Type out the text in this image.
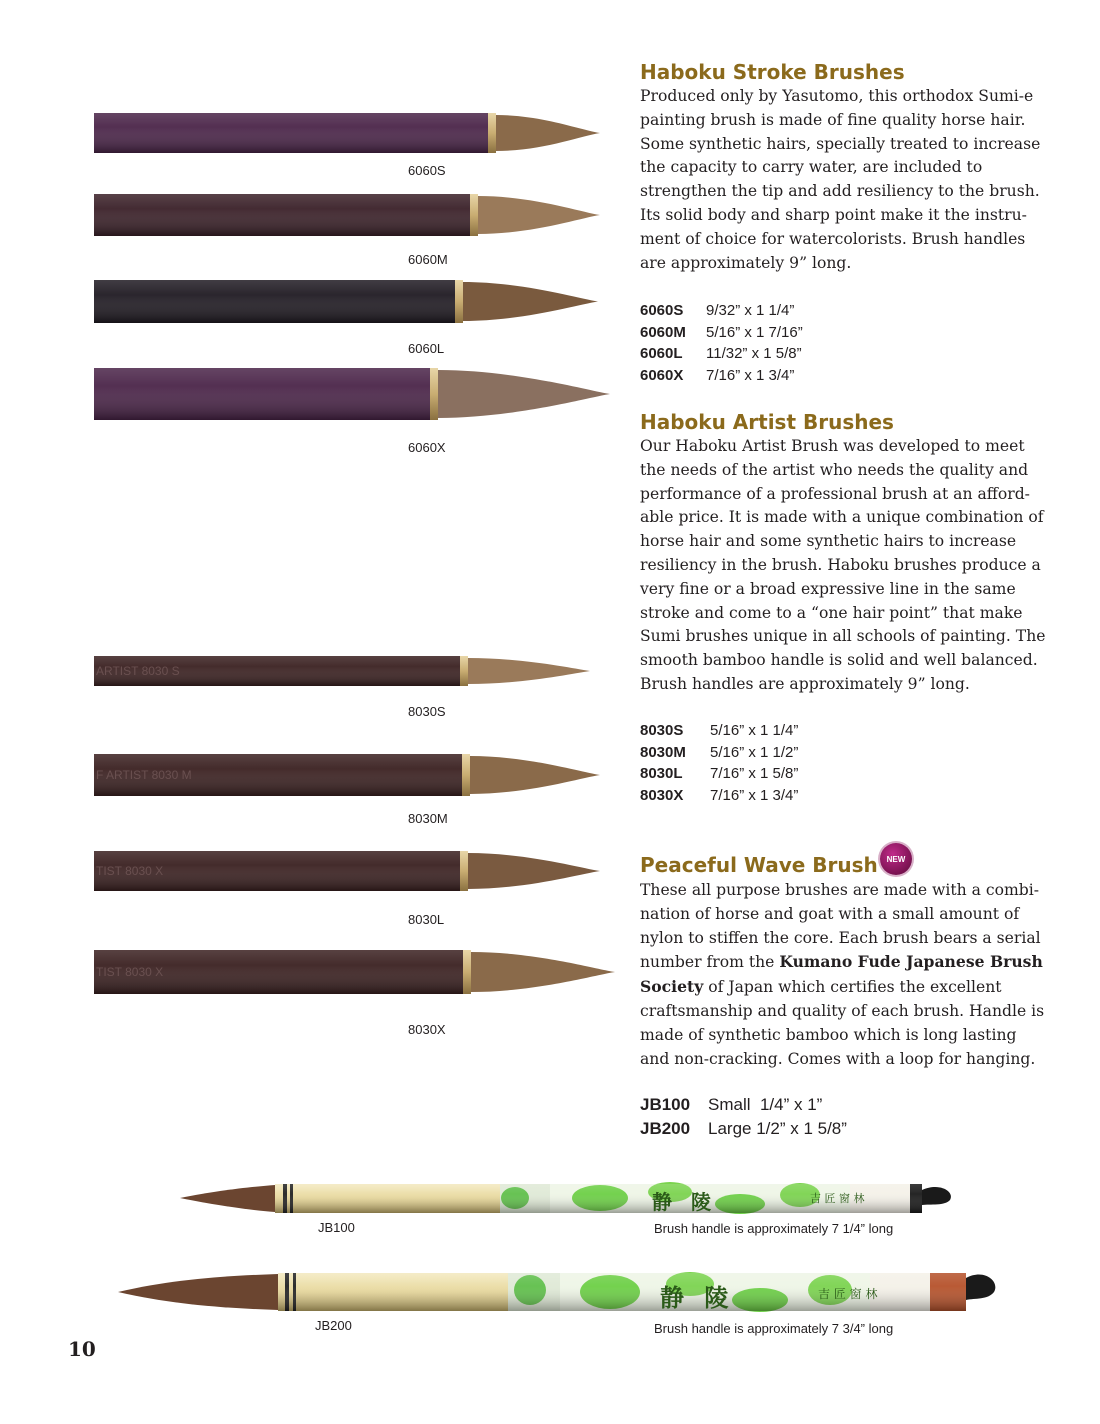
ARTIST 8030 S
F ARTIST 8030 M
TIST 8030 X
TIST 8030 X
6060S
6060M
6060L
6060X
8030S
8030M
8030L
8030X
静 陵	吉 匠 窗 林
静 陵	吉 匠 窗 林
Haboku Stroke Brushes
Produced only by Yasutomo, this orthodox Sumi-e
painting brush is made of fine quality horse hair.
Some synthetic hairs, specially treated to increase
the capacity to carry water, are included to
strengthen the tip and add resiliency to the brush.
Its solid body and sharp point make it the instru-
ment of choice for watercolorists. Brush handles
are approximately 9” long.
6060S 9/32” x 1 1/4”
6060M 5/16” x 1 7/16”
6060L 11/32” x 1 5/8”
6060X 7/16” x 1 3/4”
Haboku Artist Brushes
Our Haboku Artist Brush was developed to meet
the needs of the artist who needs the quality and
performance of a professional brush at an afford-
able price. It is made with a unique combination of
horse hair and some synthetic hairs to increase
resiliency in the brush. Haboku brushes produce a
very fine or a broad expressive line in the same
stroke and come to a “one hair point” that make
Sumi brushes unique in all schools of painting. The
smooth bamboo handle is solid and well balanced.
Brush handles are approximately 9” long.
8030S 5/16” x 1 1/4”
8030M 5/16” x 1 1/2”
8030L 7/16” x 1 5/8”
8030X 7/16” x 1 3/4”
Peaceful Wave Brush NEW
These all purpose brushes are made with a combi-
nation of horse and goat with a small amount of
nylon to stiffen the core. Each brush bears a serial
number from the Kumano Fude Japanese Brush
Society of Japan which certifies the excellent
craftsmanship and quality of each brush. Handle is
made of synthetic bamboo which is long lasting
and non-cracking. Comes with a loop for hanging.
JB100 Small  1/4” x 1”
JB200 Large 1/2” x 1 5/8”
JB100	Brush handle is approximately 7 1/4” long
JB200	Brush handle is approximately 7 3/4” long
10
